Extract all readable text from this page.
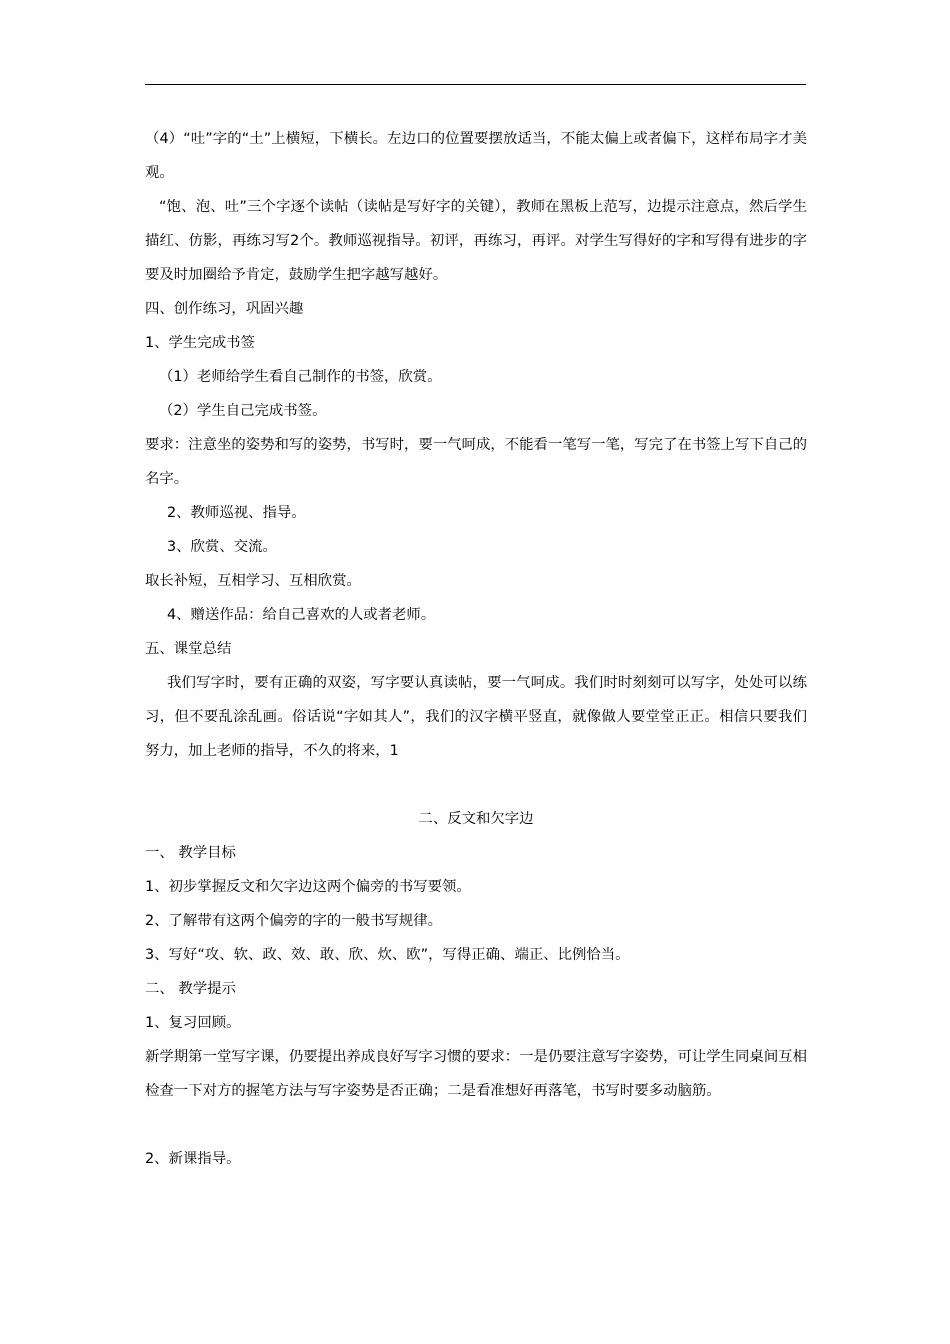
（4）“吐”字的“土”上横短，下横长。左边口的位置要摆放适当，不能太偏上或者偏下，这样布局字才美观。

“饱、泡、吐”三个字逐个读帖（读帖是写好字的关键），教师在黑板上范写，边提示注意点，然后学生描红、仿影，再练习写2个。教师巡视指导。初评，再练习，再评。对学生写得好的字和写得有进步的字要及时加圈给予肯定，鼓励学生把字越写越好。

四、创作练习，巩固兴趣

1、学生完成书签

（1）老师给学生看自己制作的书签，欣赏。

（2）学生自己完成书签。

要求：注意坐的姿势和写的姿势，书写时，要一气呵成，不能看一笔写一笔，写完了在书签上写下自己的名字。

2、教师巡视、指导。

3、欣赏、交流。

取长补短，互相学习、互相欣赏。

4、赠送作品：给自己喜欢的人或者老师。

五、课堂总结

我们写字时，要有正确的双姿，写字要认真读帖，要一气呵成。我们时时刻刻可以写字，处处可以练习，但不要乱涂乱画。俗话说“字如其人”，我们的汉字横平竖直，就像做人要堂堂正正。相信只要我们努力，加上老师的指导，不久的将来，1

二、反文和欠字边

一、 教学目标

1、初步掌握反文和欠字边这两个偏旁的书写要领。

2、了解带有这两个偏旁的字的一般书写规律。

3、写好“攻、软、政、效、敢、欣、炊、欧”，写得正确、端正、比例恰当。

二、 教学提示

1、复习回顾。

新学期第一堂写字课，仍要提出养成良好写字习惯的要求：一是仍要注意写字姿势，可让学生同桌间互相检查一下对方的握笔方法与写字姿势是否正确；二是看准想好再落笔，书写时要多动脑筋。

2、新课指导。
